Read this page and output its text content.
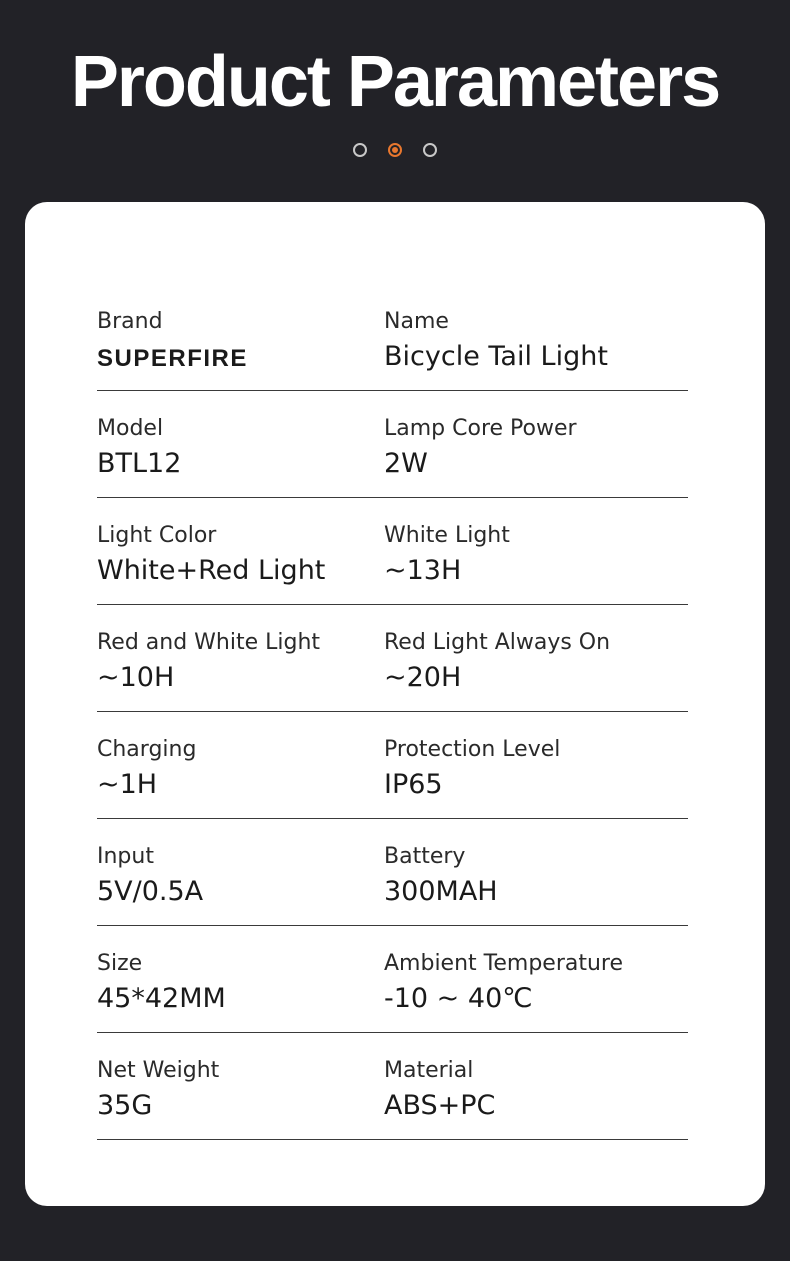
Product Parameters
Brand
SUPERFIRE
Name
Bicycle Tail Light
Model
BTL12
Lamp Core Power
2W
Light Color
White+Red Light
White Light
~13H
Red and White Light
~10H
Red Light Always On
~20H
Charging
~1H
Protection Level
IP65
Input
5V/0.5A
Battery
300MAH
Size
45*42MM
Ambient Temperature
-10 ~ 40℃
Net Weight
35G
Material
ABS+PC
